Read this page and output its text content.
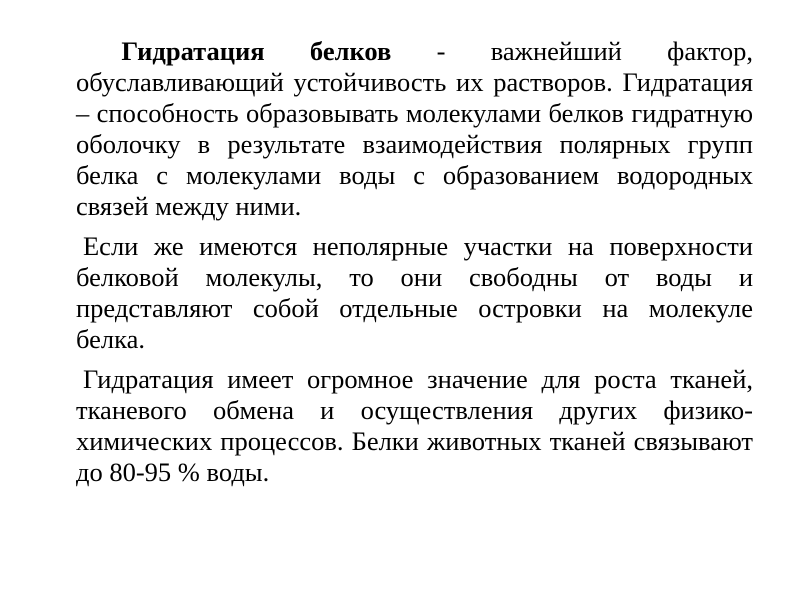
Гидратация белков - важнейший фактор, обуславливающий устойчивость их растворов. Гидратация – способность образовывать молекулами белков гидратную оболочку в результате взаимодействия полярных групп белка с молекулами воды с образованием водородных связей между ними.

Если же имеются неполярные участки на поверхности белковой молекулы, то они свободны от воды и представляют собой отдельные островки на молекуле белка.

Гидратация имеет огромное значение для роста тканей, тканевого обмена и осуществления других физико-химических процессов. Белки животных тканей связывают до 80-95 % воды.
